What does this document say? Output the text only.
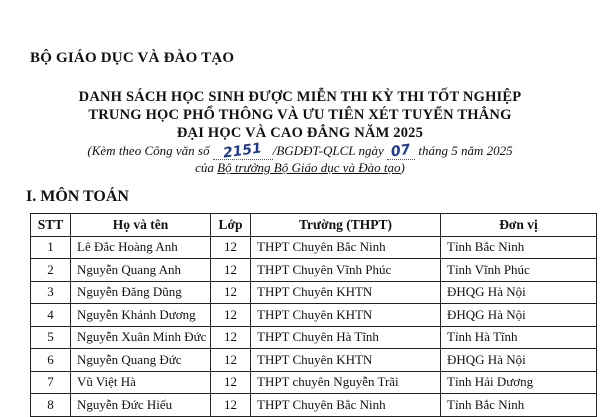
BỘ GIÁO DỤC VÀ ĐÀO TẠO
DANH SÁCH HỌC SINH ĐƯỢC MIỄN THI KỲ THI TỐT NGHIỆP
TRUNG HỌC PHỔ THÔNG VÀ ƯU TIÊN XÉT TUYỂN THẲNG
ĐẠI HỌC VÀ CAO ĐẲNG NĂM 2025
(Kèm theo Công văn số 2151 /BGDĐT-QLCL ngày 07 tháng 5 năm 2025
của Bộ trưởng Bộ Giáo dục và Đào tạo)
I. MÔN TOÁN
STT	Họ và tên	Lớp	Trường (THPT)	Đơn vị
1	Lê Đắc Hoàng Anh	12	THPT Chuyên Bắc Ninh	Tỉnh Bắc Ninh
2	Nguyễn Quang Anh	12	THPT Chuyên Vĩnh Phúc	Tỉnh Vĩnh Phúc
3	Nguyễn Đăng Dũng	12	THPT Chuyên KHTN	ĐHQG Hà Nội
4	Nguyễn Khánh Dương	12	THPT Chuyên KHTN	ĐHQG Hà Nội
5	Nguyễn Xuân Minh Đức	12	THPT Chuyên Hà Tĩnh	Tỉnh Hà Tĩnh
6	Nguyễn Quang Đức	12	THPT Chuyên KHTN	ĐHQG Hà Nội
7	Vũ Việt Hà	12	THPT chuyên Nguyễn Trãi	Tỉnh Hải Dương
8	Nguyễn Đức Hiếu	12	THPT Chuyên Bắc Ninh	Tỉnh Bắc Ninh
